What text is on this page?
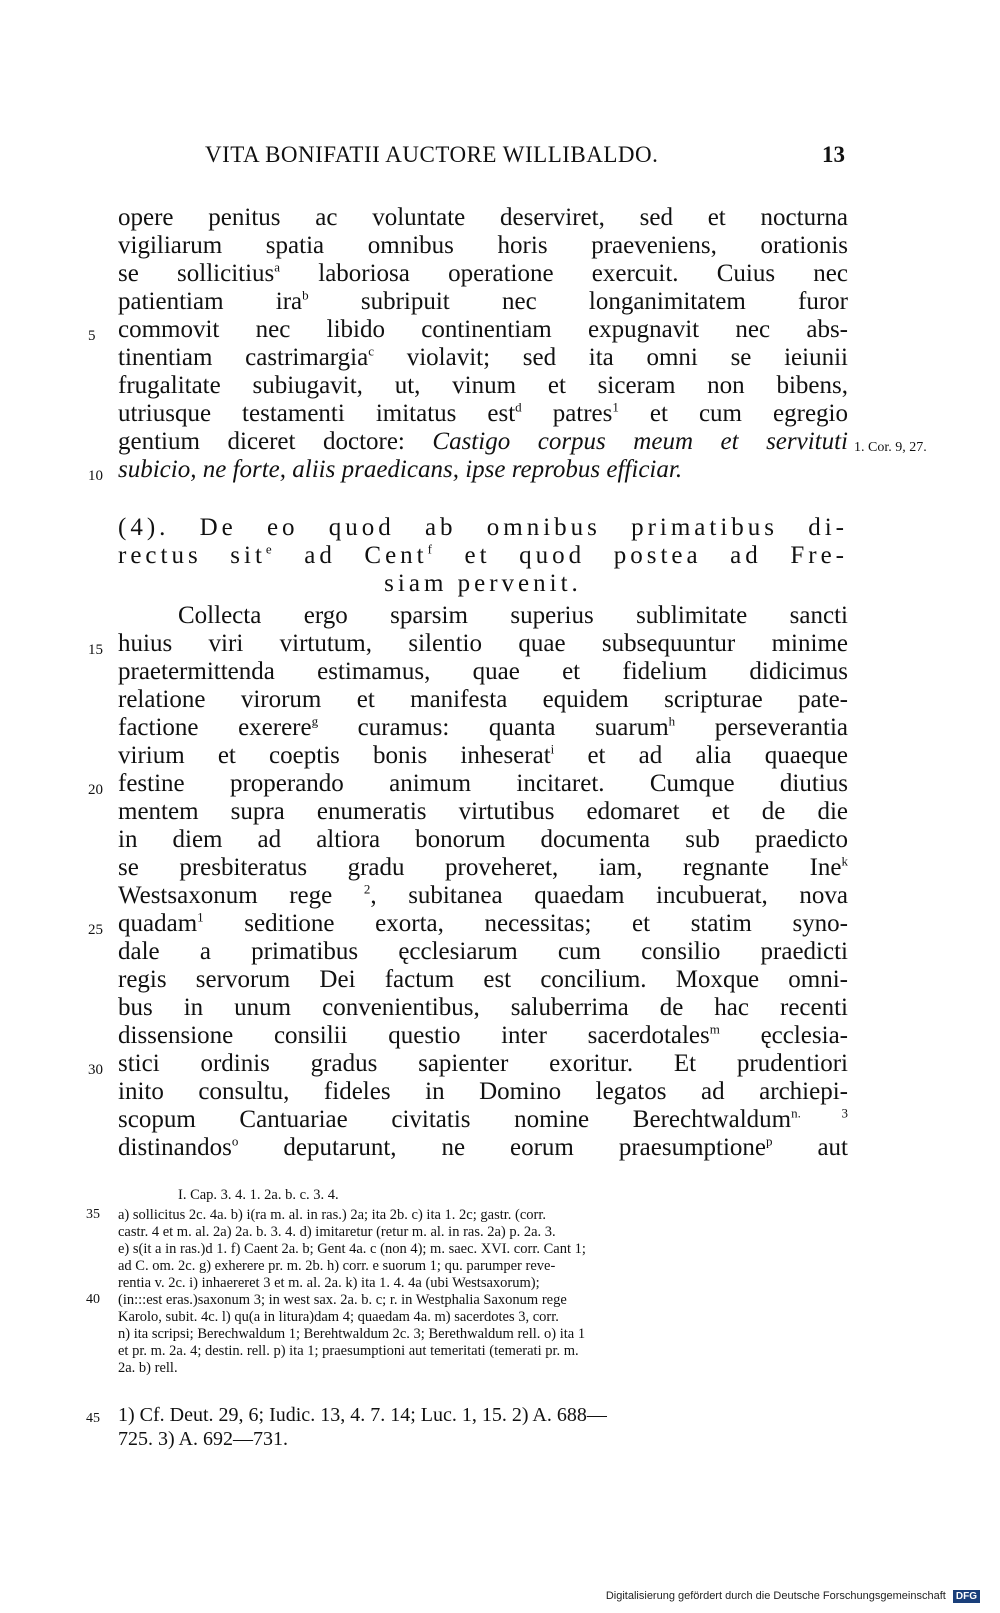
VITA BONIFATII AUCTORE WILLIBALDO.	13
opere penitus ac voluntate deserviret, sed et nocturna
vigiliarum spatia omnibus horis praeveniens, orationis
se sollicitius$^a$ laboriosa operatione exercuit. Cuius nec
patientiam ira$^b$ subripuit nec longanimitatem furor
5 commovit nec libido continentiam expugnavit nec abs-
tinentiam castrimargia$^c$ violavit; sed ita omni se ieiunii
frugalitate subiugavit, ut, vinum et siceram non bibens,
utriusque testamenti imitatus est$^d$ patres$^1$ et cum egregio
gentium diceret doctore: Castigo corpus meum et servituti 1. Cor. 9, 27.
10 subicio, ne forte, aliis praedicans, ipse reprobus efficiar.
(4). De eo quod ab omnibus primatibus di-
rectus sit$^e$ ad Cent$^f$ et quod postea ad Fre-
siam pervenit.
Collecta ergo sparsim superius sublimitate sancti
15 huius viri virtutum, silentio quae subsequuntur minime
praetermittenda estimamus, quae et fidelium didicimus
relatione virorum et manifesta equidem scripturae pate-
factione exerere$^g$ curamus: quanta suarum$^h$ perseverantia
virium et coeptis bonis inheserat$^i$ et ad alia quaeque
20 festine properando animum incitaret. Cumque diutius
mentem supra enumeratis virtutibus edomaret et de die
in diem ad altiora bonorum documenta sub praedicto
se presbiteratus gradu proveheret, iam, regnante Ine$^k$
Westsaxonum rege $^2$, subitanea quaedam incubuerat, nova
25 quadam$^1$ seditione exorta, necessitas; et statim syno-
dale a primatibus ęcclesiarum cum consilio praedicti
regis servorum Dei factum est concilium. Moxque omni-
bus in unum convenientibus, saluberrima de hac recenti
dissensione consilii questio inter sacerdotales$^m$ ęcclesia-
30 stici ordinis gradus sapienter exoritur. Et prudentiori
inito consultu, fideles in Domino legatos ad archiepi-
scopum Cantuariae civitatis nomine Berechtwaldum$^{n. 3}$
distinandos$^o$ deputarunt, ne eorum praesumptione$^p$ aut
I. Cap. 3. 4. 1. 2a. b. c. 3. 4.
35 a) sollicitus 2c. 4a. b) i(ra m. al. in ras.) 2a; ita 2b. c) ita 1. 2c; gastr. (corr.
castr. 4 et m. al. 2a) 2a. b. 3. 4. d) imitaretur (retur m. al. in ras. 2a) p. 2a. 3.
e) s(it a in ras.)d 1. f) Caent 2a. b; Gent 4a. c (non 4); m. saec. XVI. corr. Cant 1;
ad C. om. 2c. g) exherere pr. m. 2b. h) corr. e suorum 1; qu. parumper reve-
rentia v. 2c. i) inhaereret 3 et m. al. 2a. k) ita 1. 4. 4a (ubi Westsaxorum);
40 (in:::est eras.)saxonum 3; in west sax. 2a. b. c; r. in Westphalia Saxonum rege
Karolo, subit. 4c. l) qu(a in litura)dam 4; quaedam 4a. m) sacerdotes 3, corr.
n) ita scripsi; Berechwaldum 1; Berehtwaldum 2c. 3; Berethwaldum rell. o) ita 1
et pr. m. 2a. 4; destin. rell. p) ita 1; praesumptioni aut temeritati (temerati pr. m.
2a. b) rell.
45 1) Cf. Deut. 29, 6; Iudic. 13, 4. 7. 14; Luc. 1, 15. 2) A. 688—
725. 3) A. 692—731.
Digitalisierung gefördert durch die Deutsche Forschungsgemeinschaft DFG
